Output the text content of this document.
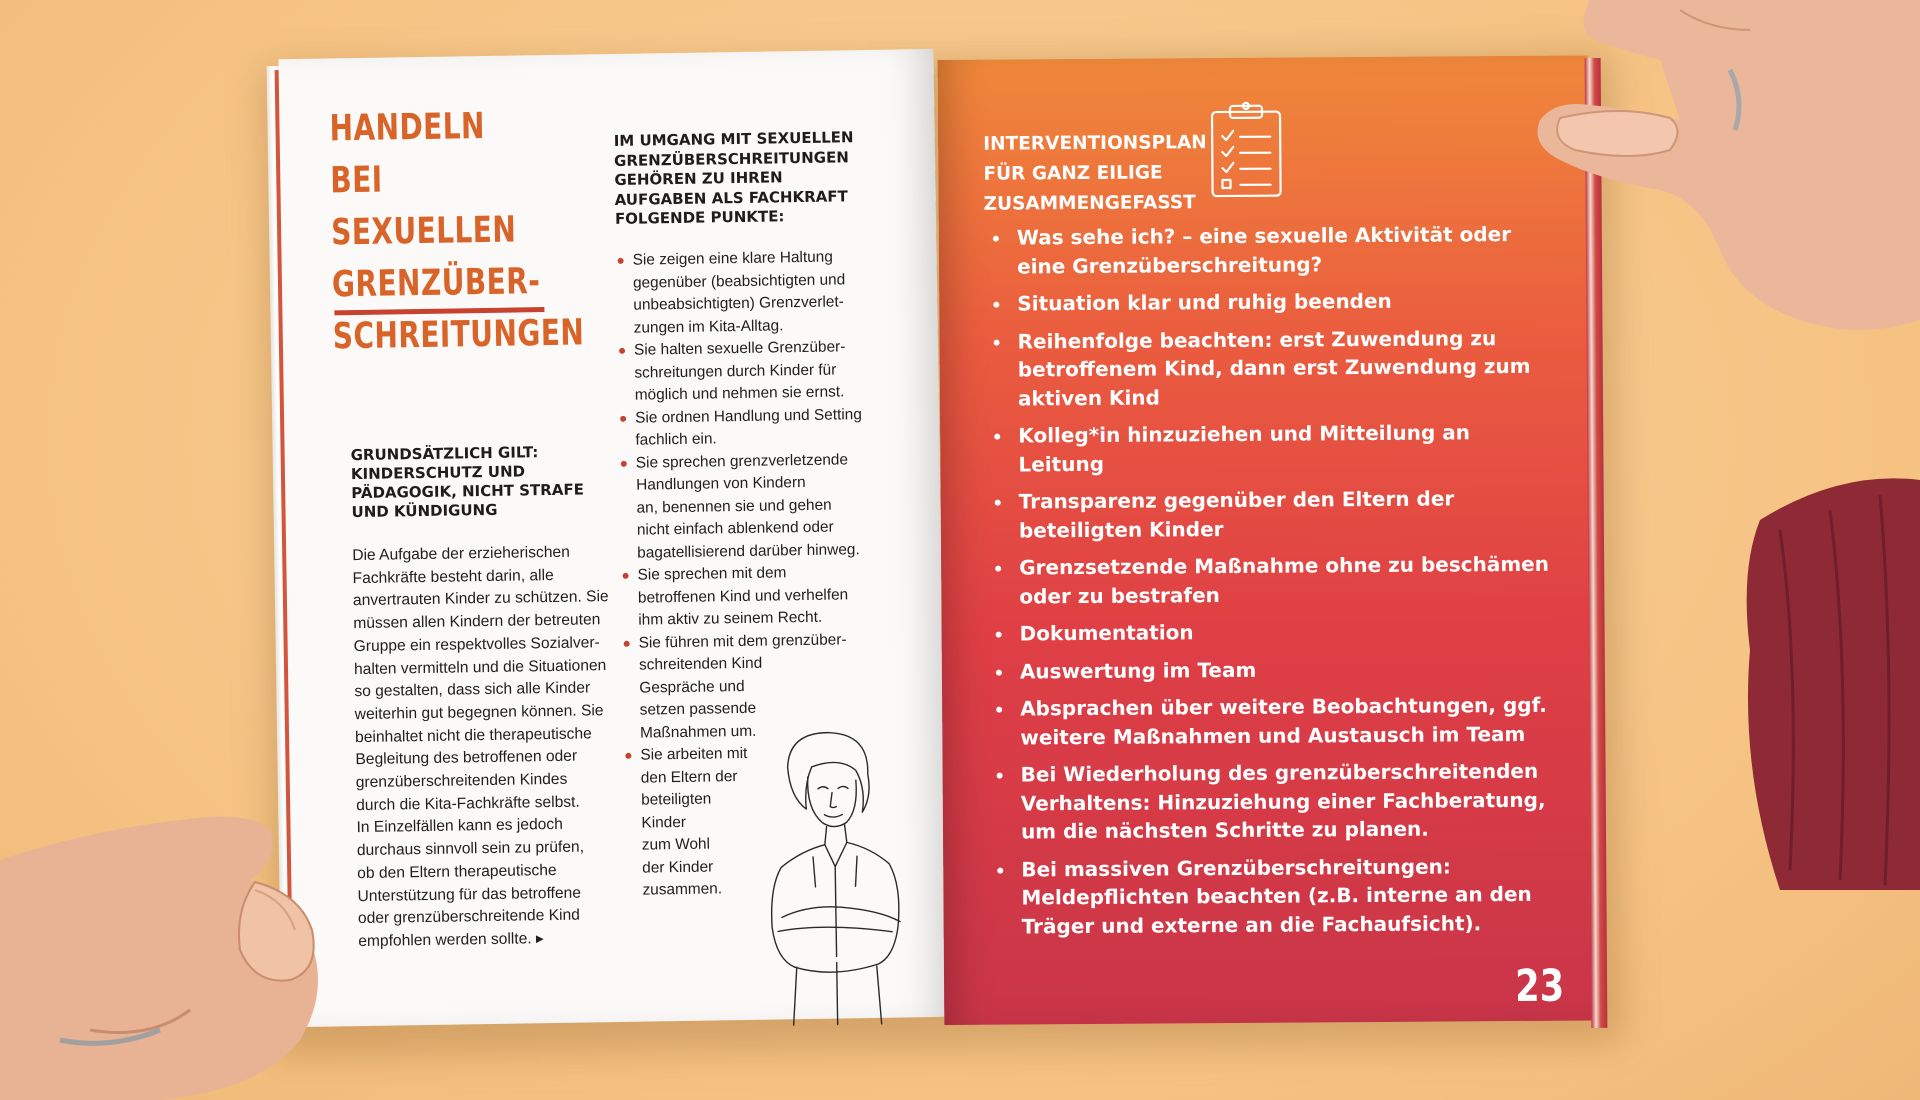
HANDELN BEI
SEXUELLEN
GRENZÜBER-
SCHREITUNGEN
GRUNDSÄTZLICH GILT:
KINDERSCHUTZ UND
PÄDAGOGIK, NICHT STRAFE
UND KÜNDIGUNG
Die Aufgabe der erzieherischen
Fachkräfte besteht darin, alle
anvertrauten Kinder zu schützen. Sie
müssen allen Kindern der betreuten
Gruppe ein respektvolles Sozialver-
halten vermitteln und die Situationen
so gestalten, dass sich alle Kinder
weiterhin gut begegnen können. Sie
beinhaltet nicht die therapeutische
Begleitung des betroffenen oder
grenzüberschreitenden Kindes
durch die Kita-Fachkräfte selbst.
In Einzelfällen kann es jedoch
durchaus sinnvoll sein zu prüfen,
ob den Eltern therapeutische
Unterstützung für das betroffene
oder grenzüberschreitende Kind
empfohlen werden sollte. ▸
IM UMGANG MIT SEXUELLEN
GRENZÜBERSCHREITUNGEN
GEHÖREN ZU IHREN
AUFGABEN ALS FACHKRAFT
FOLGENDE PUNKTE:
Sie zeigen eine klare Haltung
gegenüber (beabsichtigten und
unbeabsichtigten) Grenzverlet-
zungen im Kita-Alltag.
Sie halten sexuelle Grenzüber-
schreitungen durch Kinder für
möglich und nehmen sie ernst.
Sie ordnen Handlung und Setting
fachlich ein.
Sie sprechen grenzverletzende
Handlungen von Kindern
an, benennen sie und gehen
nicht einfach ablenkend oder
bagatellisierend darüber hinweg.
Sie sprechen mit dem
betroffenen Kind und verhelfen
ihm aktiv zu seinem Recht.
Sie führen mit dem grenzüber-
schreitenden Kind
Gespräche und
setzen passende
Maßnahmen um.
Sie arbeiten mit
den Eltern der
beteiligten
Kinder
zum Wohl
der Kinder
zusammen.
INTERVENTIONSPLAN
FÜR GANZ EILIGE
ZUSAMMENGEFASST
Was sehe ich? – eine sexuelle Aktivität oder
eine Grenzüberschreitung?
Situation klar und ruhig beenden
Reihenfolge beachten: erst Zuwendung zu
betroffenem Kind, dann erst Zuwendung zum
aktiven Kind
Kolleg*in hinzuziehen und Mitteilung an Leitung
Transparenz gegenüber den Eltern der
beteiligten Kinder
Grenzsetzende Maßnahme ohne zu beschämen
oder zu bestrafen
Dokumentation
Auswertung im Team
Absprachen über weitere Beobachtungen, ggf.
weitere Maßnahmen und Austausch im Team
Bei Wiederholung des grenzüberschreitenden
Verhaltens: Hinzuziehung einer Fachberatung,
um die nächsten Schritte zu planen.
Bei massiven Grenzüberschreitungen:
Meldepflichten beachten (z.B. interne an den
Träger und externe an die Fachaufsicht).
23
